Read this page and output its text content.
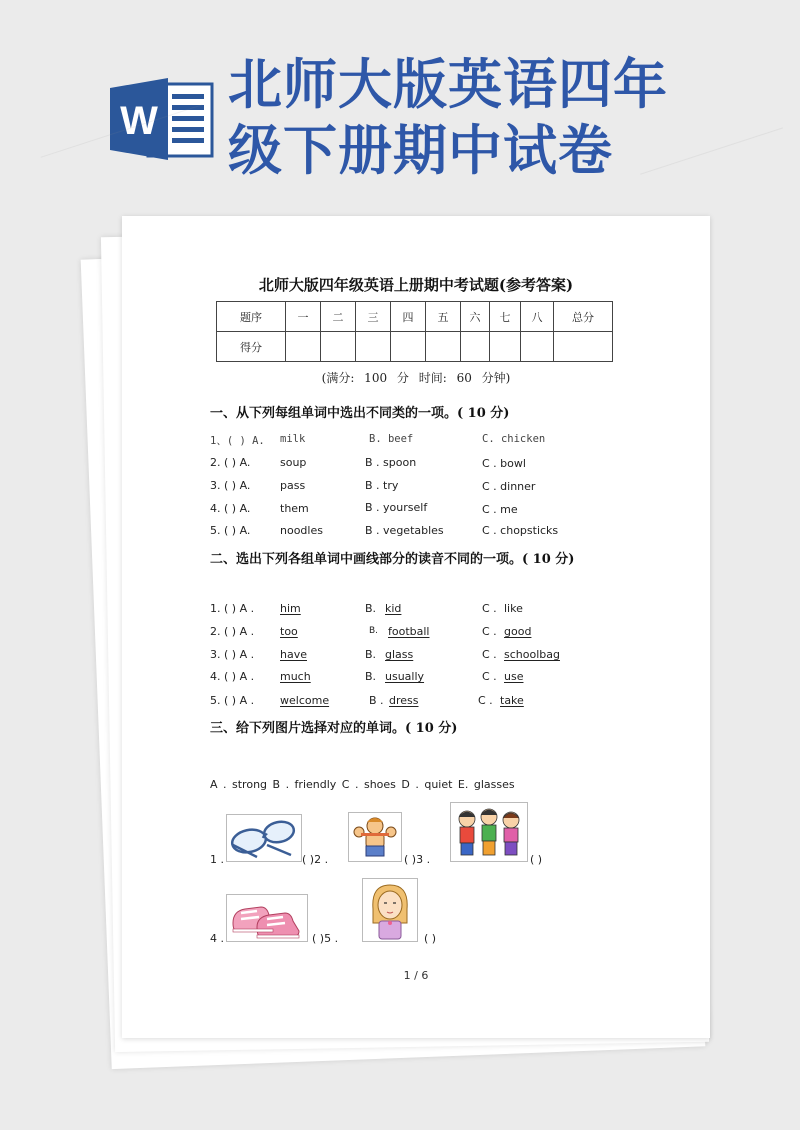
W
北师大版英语四年
级下册期中试卷
北师大版四年级英语上册期中考试题(参考答案)
题序	一	二	三	四	五	六	七	八	总分
得分									
(满分: 100 分 时间: 60 分钟)
一、从下列每组单词中选出不同类的一项。( 10 分)
1、( ) A. milk	B. beef	C. chicken
2. ( ) A.	soup	B . spoon	C . bowl
3. ( ) A.	pass	B . try	C . dinner
4. ( ) A.	them	B . yourself	C . me
5. ( ) A.	noodles	B . vegetables	C . chopsticks
二、选出下列各组单词中画线部分的读音不同的一项。( 10 分)
1. ( ) A . him	B. kid	C . like
2. ( ) A . too	B. football	C . good
3. ( ) A . have	B. glass	C . schoolbag
4. ( ) A . much	B. usually	C . use
5. ( ) A . welcome	B . dress	C . take
三、给下列图片选择对应的单词。( 10 分)
A . strong B . friendly C . shoes D . quiet E. glasses
1 .	( )2 .	( )3 .	( )
4 .	( )5 .	( )
1 / 6
